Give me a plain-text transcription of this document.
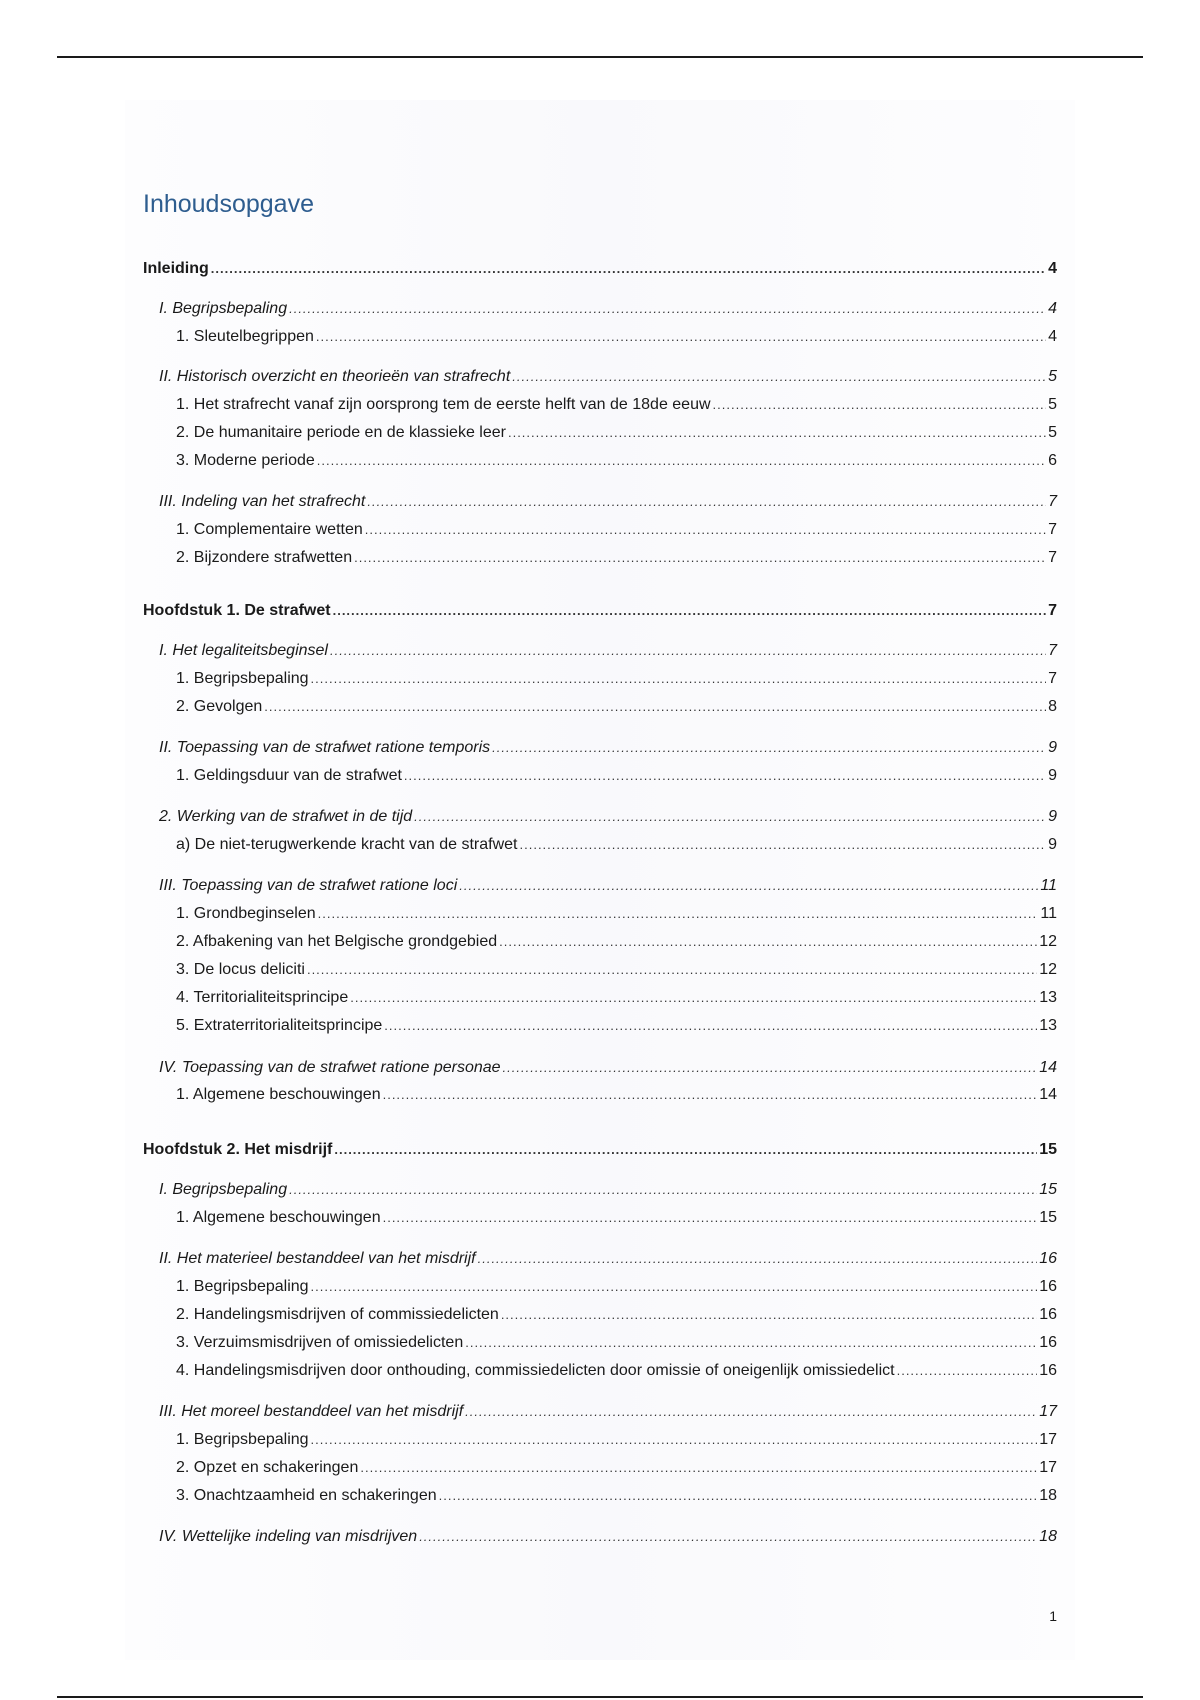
Inhoudsopgave
Inleiding .....	4
I. Begripsbepaling .....	4
1. Sleutelbegrippen .....	4
II. Historisch overzicht en theorieën van strafrecht .....	5
1. Het strafrecht vanaf zijn oorsprong tem de eerste helft van de 18de eeuw .....	5
2. De humanitaire periode en de klassieke leer .....	5
3. Moderne periode .....	6
III. Indeling van het strafrecht .....	7
1. Complementaire wetten .....	7
2. Bijzondere strafwetten .....	7
Hoofdstuk 1. De strafwet .....	7
I. Het legaliteitsbeginsel .....	7
1. Begripsbepaling .....	7
2. Gevolgen .....	8
II. Toepassing van de strafwet ratione temporis .....	9
1. Geldingsduur van de strafwet .....	9
2. Werking van de strafwet in de tijd .....	9
a) De niet-terugwerkende kracht van de strafwet .....	9
III. Toepassing van de strafwet ratione loci .....	11
1. Grondbeginselen .....	11
2. Afbakening van het Belgische grondgebied .....	12
3. De locus deliciti .....	12
4. Territorialiteitsprincipe .....	13
5. Extraterritorialiteitsprincipe .....	13
IV. Toepassing van de strafwet ratione personae .....	14
1. Algemene beschouwingen .....	14
Hoofdstuk 2. Het misdrijf .....	15
I. Begripsbepaling .....	15
1. Algemene beschouwingen .....	15
II. Het materieel bestanddeel van het misdrijf .....	16
1. Begripsbepaling .....	16
2. Handelingsmisdrijven of commissiedelicten .....	16
3. Verzuimsmisdrijven of omissiedelicten .....	16
4. Handelingsmisdrijven door onthouding, commissiedelicten door omissie of oneigenlijk omissiedelict .....	16
III. Het moreel bestanddeel van het misdrijf .....	17
1. Begripsbepaling .....	17
2. Opzet en schakeringen .....	17
3. Onachtzaamheid en schakeringen .....	18
IV. Wettelijke indeling van misdrijven .....	18
1
